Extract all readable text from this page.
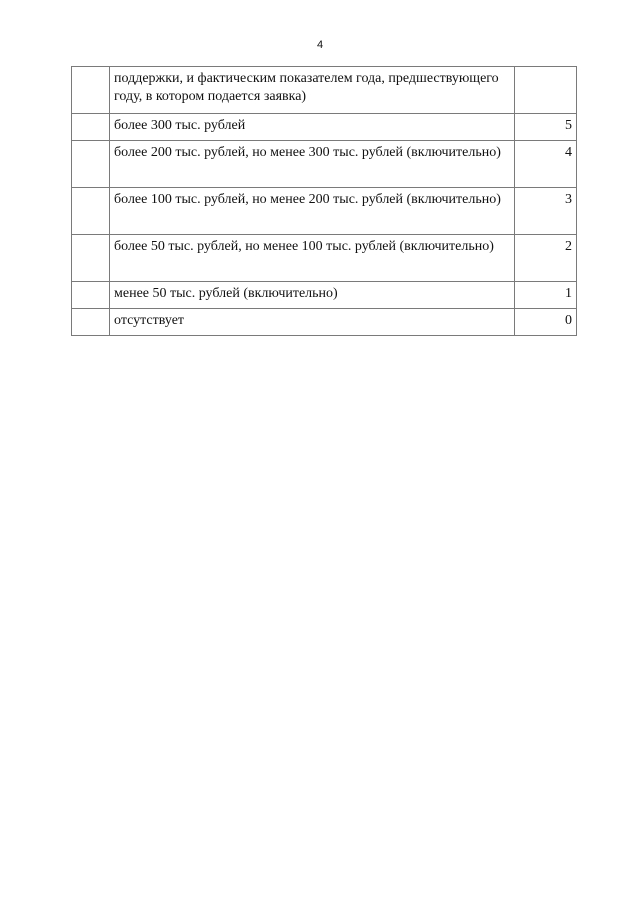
4
	поддержки, и фактическим показателем года, предшествующего году, в котором подается заявка)	
	более 300 тыс. рублей	5
	более 200 тыс. рублей, но менее 300 тыс. рублей (включительно)	4
	более 100 тыс. рублей, но менее 200 тыс. рублей (включительно)	3
	более 50 тыс. рублей, но менее 100 тыс. рублей (включительно)	2
	менее 50 тыс. рублей (включительно)	1
	отсутствует	0
